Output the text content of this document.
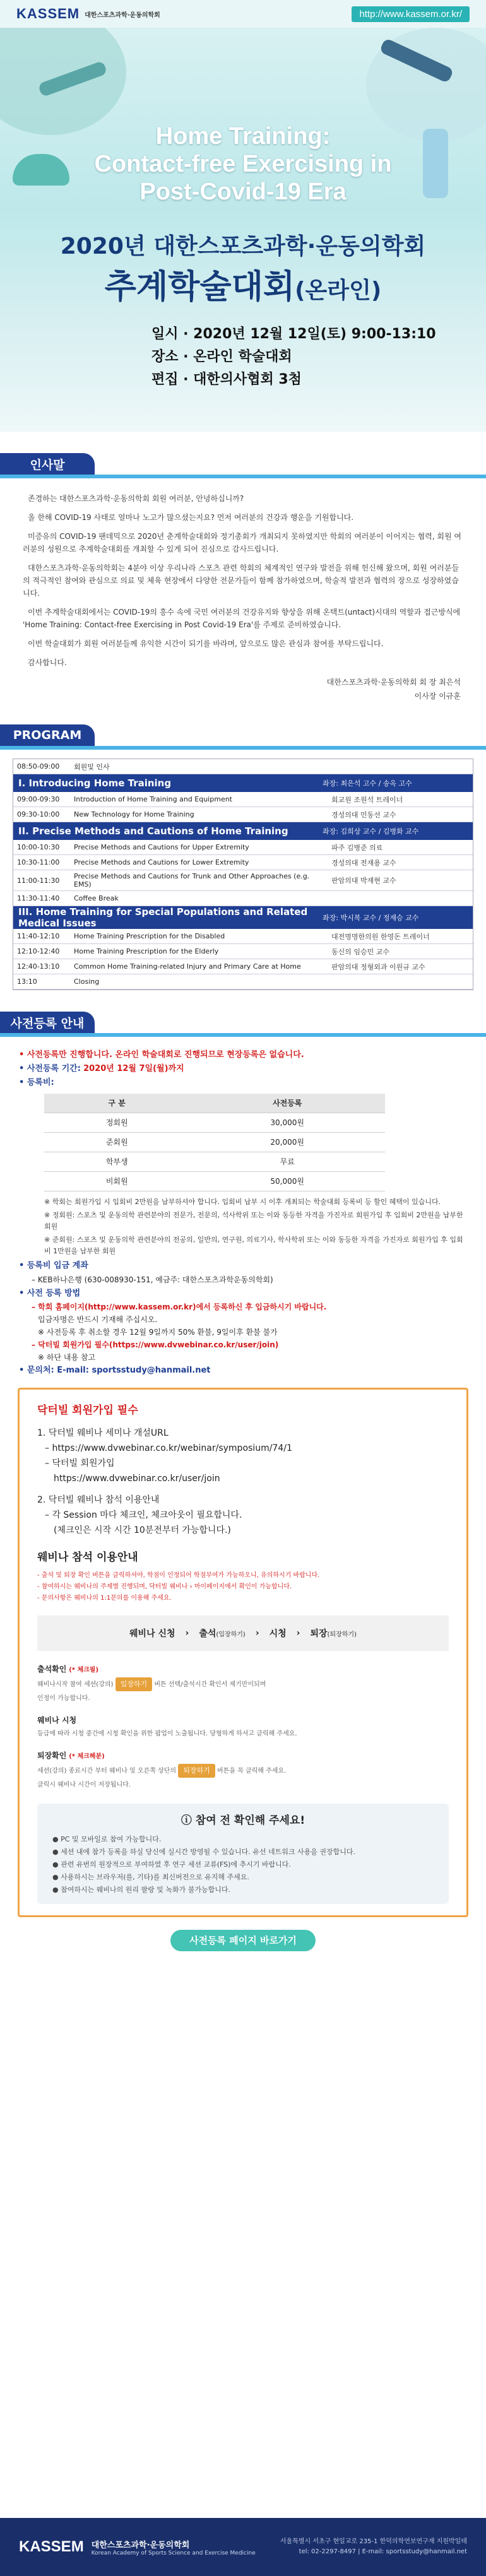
KASSEM 대한스포츠과학·운동의학회	http://www.kassem.or.kr/
Home Training:
Contact-free Exercising in
Post-Covid-19 Era
2020년 대한스포츠과학·운동의학회
추계학술대회(온라인)
일시 · 2020년 12월 12일(토) 9:00-13:10
장소 · 온라인 학술대회
편집 · 대한의사협회 3첨
인사말

존경하는 대한스포츠과학·운동의학회 회원 여러분, 안녕하십니까?

올 한해 COVID-19 사태로 얼마나 노고가 많으셨는지요? 먼저 여러분의 건강과 행운을 기원합니다.

미증유의 COVID-19 팬데믹으로 2020년 춘계학술대회와 정기총회가 개최되지 못하였지만 학회의 여러분이 이어지는 협력, 회원 여러분의 성원으로 추계학술대회를 개최할 수 있게 되어 진심으로 감사드립니다.

대한스포츠과학·운동의학회는 4분야 이상 우리나라 스포츠 관련 학회의 체계적인 연구와 발전을 위해 헌신해 왔으며, 회원 여러분들의 적극적인 참여와 관심으로 의료 및 체육 현장에서 다양한 전문가들이 함께 참가하였으며, 학술적 발전과 협력의 장으로 성장하였습니다.

이번 추계학술대회에서는 COVID-19의 흥수 속에 국민 여러분의 건강유지와 향상을 위해 온택트(untact)시대의 역할과 접근방식에 'Home Training: Contact-free Exercising in Post Covid-19 Era'를 주제로 준비하였습니다.

이번 학술대회가 회원 여러분들께 유익한 시간이 되기를 바라며, 앞으로도 많은 관심과 참여를 부탁드립니다.

감사합니다.

대한스포츠과학·운동의학회 회 장 최은석
이사장 이규훈
PROGRAM
08:50-09:00	회원및 인사
I. Introducing Home Training	좌장: 최은석 고수 / 송옥 고수
09:00-09:30	Introduction of Home Training and Equipment	회교원 조원석 트레이너
09:30-10:00	New Technology for Home Training	경성의대 민동선 교수
II. Precise Methods and Cautions of Home Training	좌장: 김희상 교수 / 김병화 교수
10:00-10:30	Precise Methods and Cautions for Upper Extremity	파주 김병준 의료
10:30-11:00	Precise Methods and Cautions for Lower Extremity	경성의대 전재용 교수
11:00-11:30	Precise Methods and Cautions for Trunk and Other Approaches (e.g. EMS)	판암의대 박재현 교수
11:30-11:40	Coffee Break
III. Home Training for Special Populations and Related Medical Issues	좌장: 박시복 교수 / 정재승 교수
11:40-12:10	Home Training Prescription for the Disabled	대전명명한의원 한영돈 트레이너
12:10-12:40	Home Training Prescription for the Elderly	동신의 임승민 교수
12:40-13:10	Common Home Training-related Injury and Primary Care at Home	판암의대 정형외과 이원규 교수
13:10	Closing
사전등록 안내
• 사전등록만 진행합니다. 온라인 학술대회로 진행되므로 현장등록은 없습니다.
• 사전등록 기간: 2020년 12월 7일(월)까지
• 등록비:
구 분	사전등록
정회원	30,000원
준회원	20,000원
학부생	무료
비회원	50,000원

※ 학회는 회원가입 시 입회비 2만원을 납부하셔야 합니다. 입회비 납부 시 이후 개최되는 학술대회 등록비 등 할인 혜택이 있습니다.

※ 정회원: 스포츠 및 운동의학 관련분야의 전문가, 전문의, 석사학위 또는 이와 동등한 자격을 가진자로 회원가입 후 입회비 2만원을 납부한 회원

※ 준회원: 스포츠 및 운동의학 관련분야의 전공의, 일반의, 연구원, 의료기사, 학사학위 또는 이와 동등한 자격을 가진자로 회원가입 후 입회비 1만원을 납부한 회원

• 등록비 입금 계좌
– KEB하나은행 (630-008930-151, 예금주: 대한스포츠과학운동의학회)
• 사전 등록 방법
– 학회 홈페이지(http://www.kassem.or.kr)에서 등록하신 후 입금하시기 바랍니다.
입금자명은 반드시 기재해 주십시오.
※ 사전등록 후 취소할 경우 12월 9일까지 50% 환불, 9일이후 환불 불가
– 닥터빌 회원가입 필수(https://www.dvwebinar.co.kr/user/join)
※ 하단 내용 참고
• 문의처: E-mail: sportsstudy@hanmail.net
닥터빌 회원가입 필수
1. 닥터빌 웨비나 세미나 개설URL
– https://www.dvwebinar.co.kr/webinar/symposium/74/1
– 닥터빌 회원가입
https://www.dvwebinar.co.kr/user/join
2. 닥터빌 웨비나 참석 이용안내
– 각 Session 마다 체크인, 체크아웃이 필요합니다.
(체크인은 시작 시간 10분전부터 가능합니다.)
웨비나 참석 이용안내
- 출석 및 퇴장 확인 버튼을 클릭하셔야, 학점이 인정되어 학점부여가 가능하오니, 유의하시기 바랍니다.
- 참여하시는 웨비나의 주제별 진행되며, 닥터빌 웨비나 › 마이페이지에서 확인이 가능합니다.
- 문의사항은 웨비나의 1:1문의를 이용해 주세요.
웨비나 신청 › 출석(입장하기) › 시청 › 퇴장(퇴장하기)
출석확인 (* 체크필)
웨비나시작 참여 세션(강의) 입장하기 버튼 선택/출석시간 확인서 제기만이되며
인정이 가능합니다.
웨비나 시청
등급에 따라 시청 중간에 시청 확인을 위한 팝업이 노출됩니다. 당형하게 하셔고 클릭해 주세요.
퇴장확인 (* 체크해분)
세션(강의) 종료시간 부터 웨비나 및 오른쪽 상단의 퇴장하기 버튼을 꼭 클릭해 주세요.
클릭시 웨비나 시간이 저장됩니다.
ⓘ 참여 전 확인해 주세요!

● PC 및 모바일로 참여 가능합니다.

● 세션 내에 참가 등록을 하실 당신에 실시간 방영될 수 있습니다. 유선 네트워크 사용을 권장합니다.

● 관련 유번의 원장적으로 부여하였 후 연구 세션 교류(FS)에 추시기 바랍니다.

● 사용하시는 브라우저(를, 기타)를 최신버전으로 유지해 주세요.

● 참여하시는 웨비나의 원리 팔랑 및 녹화가 불가능합니다.

사전등록 페이지 바로가기
KASSEM 대한스포츠과학·운동의학회
Korean Academy of Sports Science and Exercise Medicine
서울특별시 서초구 현일교로 235-1 한덕의학연보연구재 지원박일테
tel: 02-2297-8497 | E-mail: sportsstudy@hanmail.net
